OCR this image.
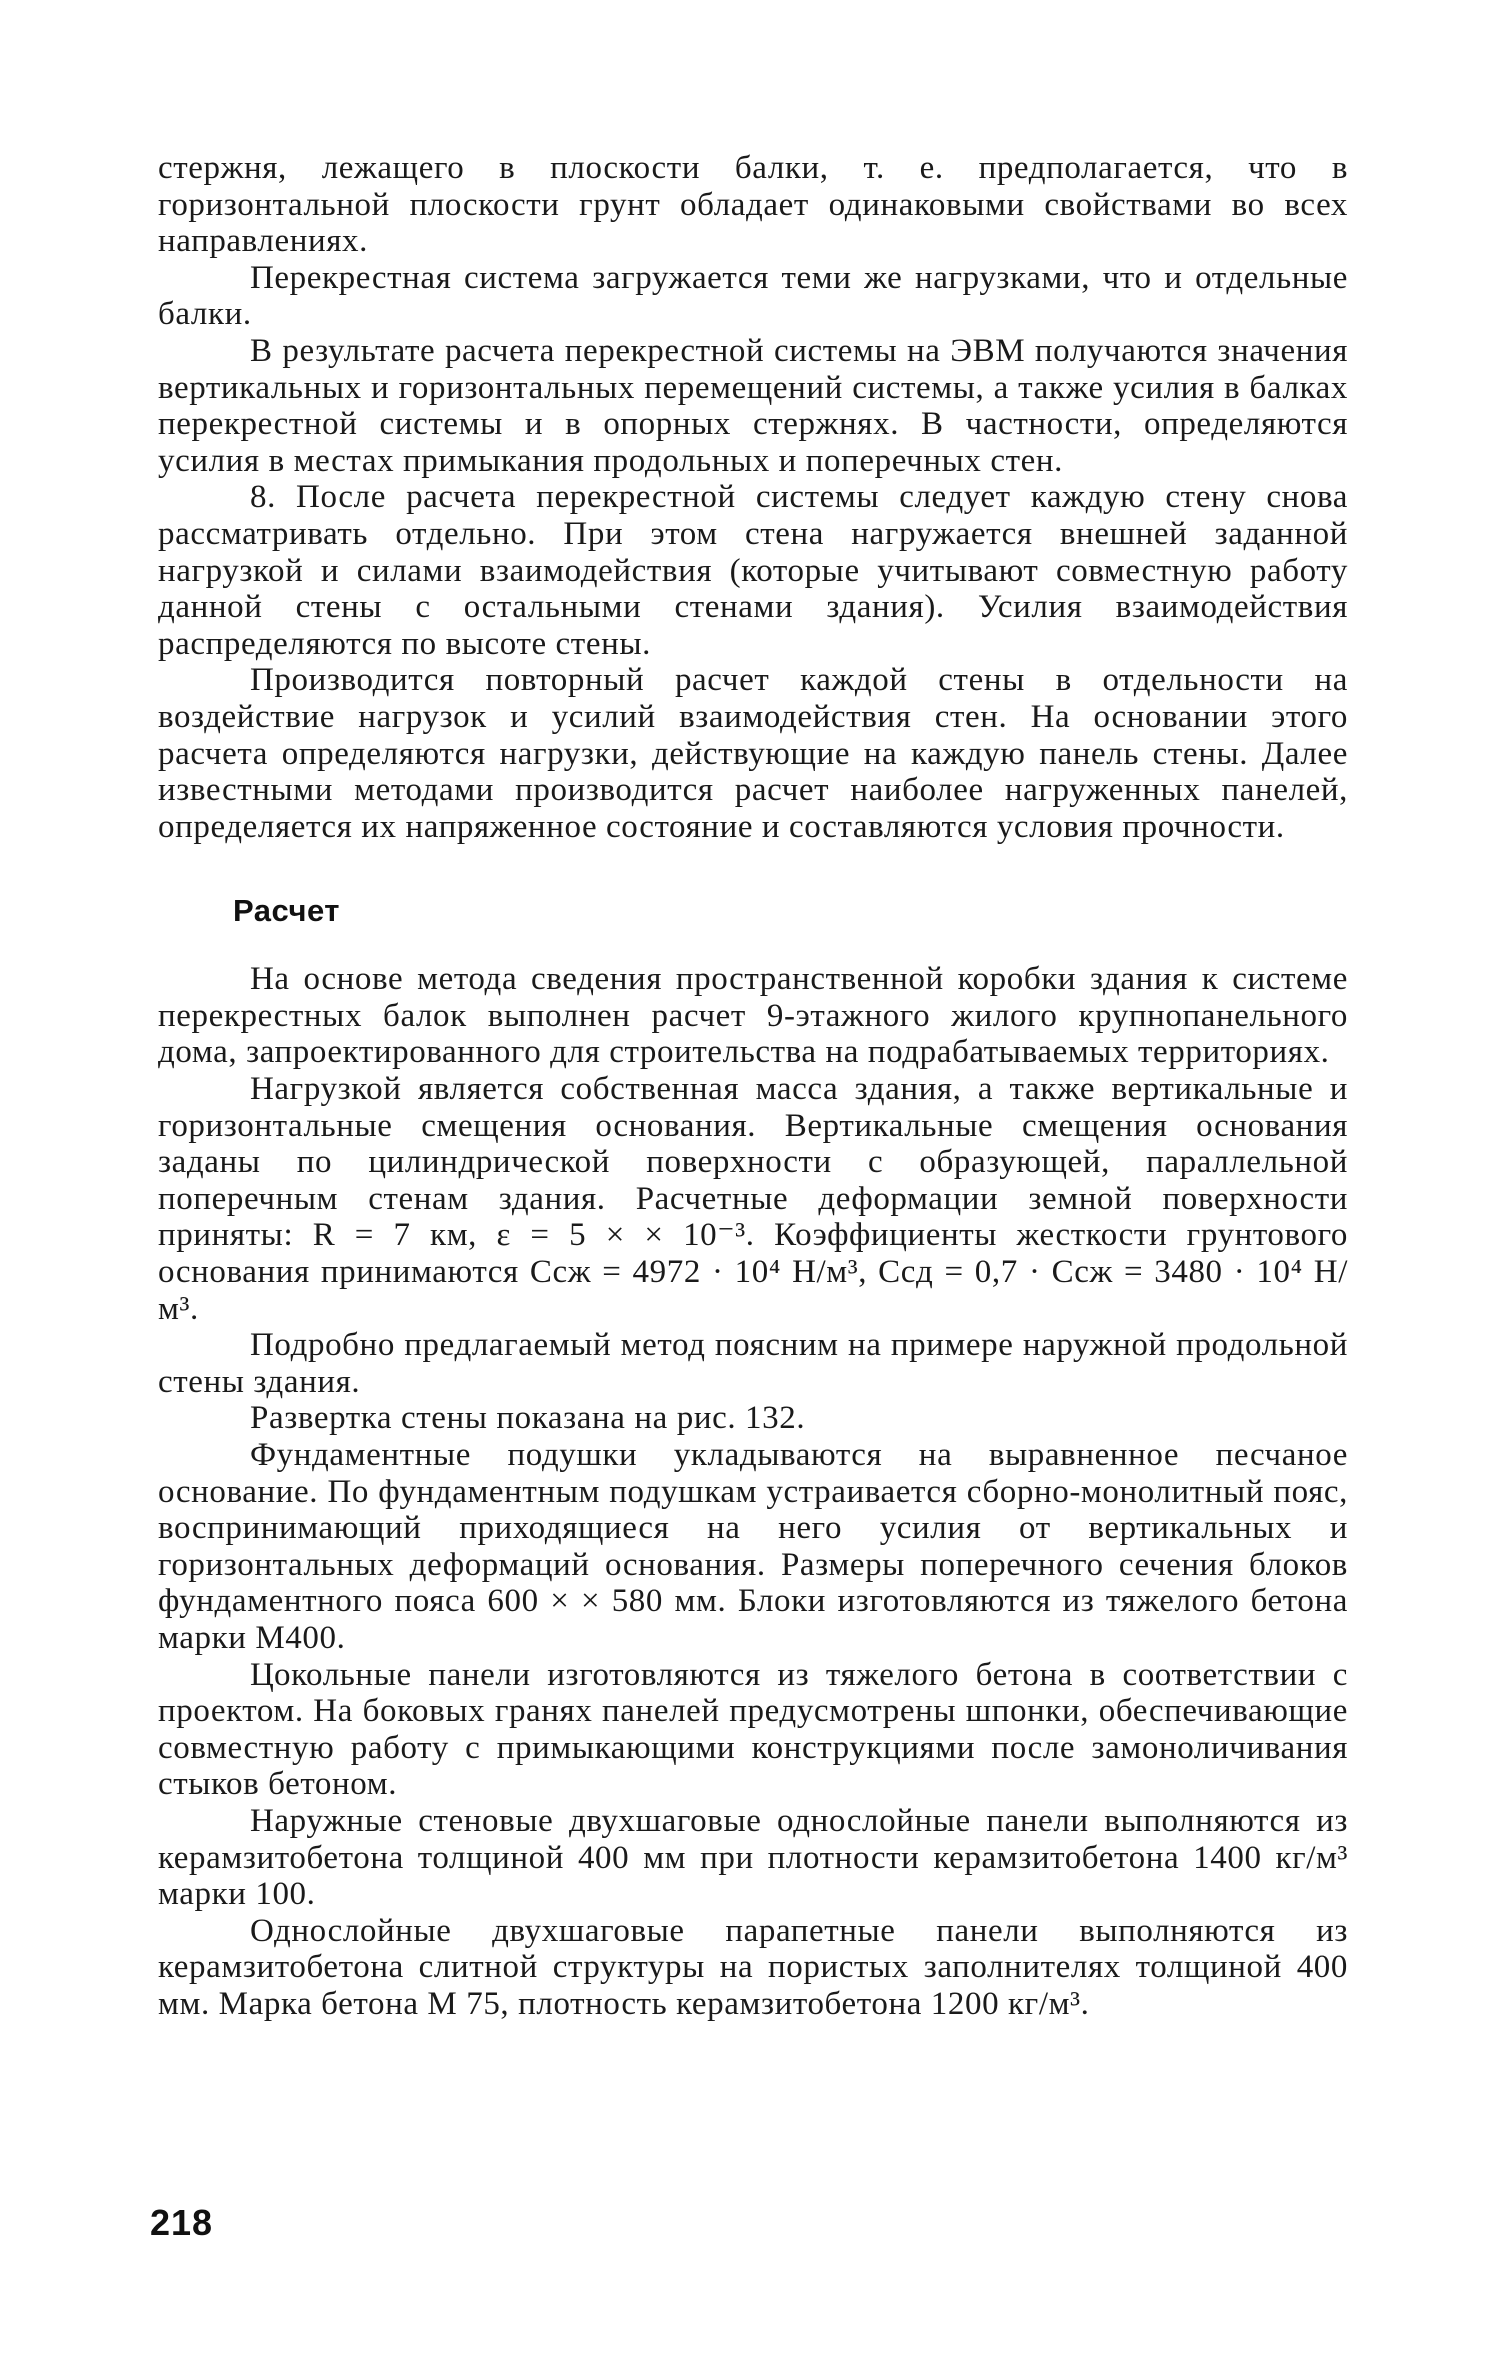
стержня, лежащего в плоскости балки, т. е. предполагается, что в горизонтальной плоскости грунт обладает одинаковыми свойствами во всех направлениях.

Перекрестная система загружается теми же нагрузками, что и отдельные балки.

В результате расчета перекрестной системы на ЭВМ получаются значения вертикальных и горизонтальных перемещений системы, а также усилия в балках перекрестной системы и в опорных стержнях. В частности, определяются усилия в местах примыкания продольных и поперечных стен.

8. После расчета перекрестной системы следует каждую стену снова рассматривать отдельно. При этом стена нагружается внешней заданной нагрузкой и силами взаимодействия (которые учитывают совместную работу данной стены с остальными стенами здания). Усилия взаимодействия распределяются по высоте стены.

Производится повторный расчет каждой стены в отдельности на воздействие нагрузок и усилий взаимодействия стен. На основании этого расчета определяются нагрузки, действующие на каждую панель стены. Далее известными методами производится расчет наиболее нагруженных панелей, определяется их напряженное состояние и составляются условия прочности.

Расчет

На основе метода сведения пространственной коробки здания к системе перекрестных балок выполнен расчет 9-этажного жилого крупнопанельного дома, запроектированного для строительства на подрабатываемых территориях.

Нагрузкой является собственная масса здания, а также вертикальные и горизонтальные смещения основания. Вертикальные смещения основания заданы по цилиндрической поверхности с образующей, параллельной поперечным стенам здания. Расчетные деформации земной поверхности приняты: R = 7 км, ε = 5 × × 10⁻³. Коэффициенты жесткости грунтового основания принимаются Cсж = 4972 · 10⁴ Н/м³, Cсд = 0,7 · Cсж = 3480 · 10⁴ Н/м³.

Подробно предлагаемый метод поясним на примере наружной продольной стены здания.

Развертка стены показана на рис. 132.

Фундаментные подушки укладываются на выравненное песчаное основание. По фундаментным подушкам устраивается сборно-монолитный пояс, воспринимающий приходящиеся на него усилия от вертикальных и горизонтальных деформаций основания. Размеры поперечного сечения блоков фундаментного пояса 600 × × 580 мм. Блоки изготовляются из тяжелого бетона марки М400.

Цокольные панели изготовляются из тяжелого бетона в соответствии с проектом. На боковых гранях панелей предусмотрены шпонки, обеспечивающие совместную работу с примыкающими конструкциями после замоноличивания стыков бетоном.

Наружные стеновые двухшаговые однослойные панели выполняются из керамзитобетона толщиной 400 мм при плотности керамзитобетона 1400 кг/м³ марки 100.

Однослойные двухшаговые парапетные панели выполняются из керамзитобетона слитной структуры на пористых заполнителях толщиной 400 мм. Марка бетона М 75, плотность керамзитобетона 1200 кг/м³.

218
